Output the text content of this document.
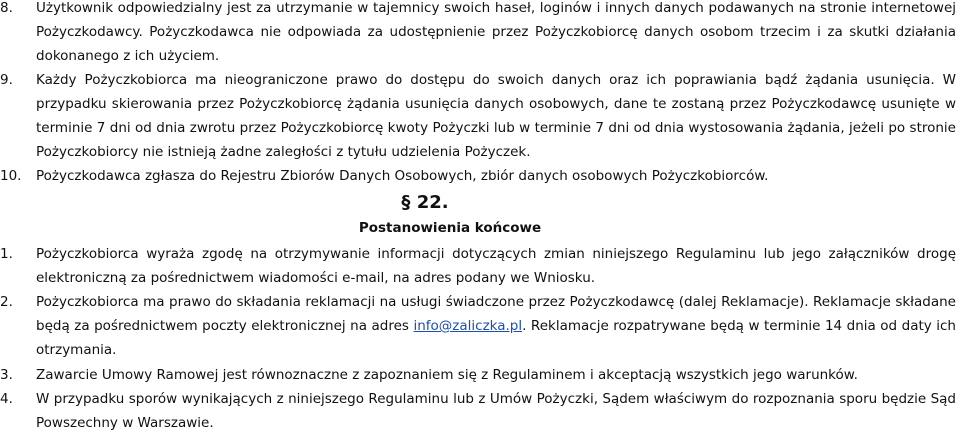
8. Użytkownik odpowiedzialny jest za utrzymanie w tajemnicy swoich haseł, loginów i innych danych podawanych na stronie internetowej Pożyczkodawcy. Pożyczkodawca nie odpowiada za udostępnienie przez Pożyczkobiorcę danych osobom trzecim i za skutki działania dokonanego z ich użyciem.
9. Każdy Pożyczkobiorca ma nieograniczone prawo do dostępu do swoich danych oraz ich poprawiania bądź żądania usunięcia. W przypadku skierowania przez Pożyczkobiorcę żądania usunięcia danych osobowych, dane te zostaną przez Pożyczkodawcę usunięte w terminie 7 dni od dnia zwrotu przez Pożyczkobiorcę kwoty Pożyczki lub w terminie 7 dni od dnia wystosowania żądania, jeżeli po stronie Pożyczkobiorcy nie istnieją żadne zaległości z tytułu udzielenia Pożyczek.
10. Pożyczkodawca zgłasza do Rejestru Zbiorów Danych Osobowych, zbiór danych osobowych Pożyczkobiorców.
§ 22.
Postanowienia końcowe
1. Pożyczkobiorca wyraża zgodę na otrzymywanie informacji dotyczących zmian niniejszego Regulaminu lub jego załączników drogę elektroniczną za pośrednictwem wiadomości e-mail, na adres podany we Wniosku.
2. Pożyczkobiorca ma prawo do składania reklamacji na usługi świadczone przez Pożyczkodawcę (dalej Reklamacje). Reklamacje składane będą za pośrednictwem poczty elektronicznej na adres info@zaliczka.pl. Reklamacje rozpatrywane będą w terminie 14 dnia od daty ich otrzymania.
3. Zawarcie Umowy Ramowej jest równoznaczne z zapoznaniem się z Regulaminem i akceptacją wszystkich jego warunków.
4. W przypadku sporów wynikających z niniejszego Regulaminu lub z Umów Pożyczki, Sądem właściwym do rozpoznania sporu będzie Sąd Powszechny w Warszawie.
